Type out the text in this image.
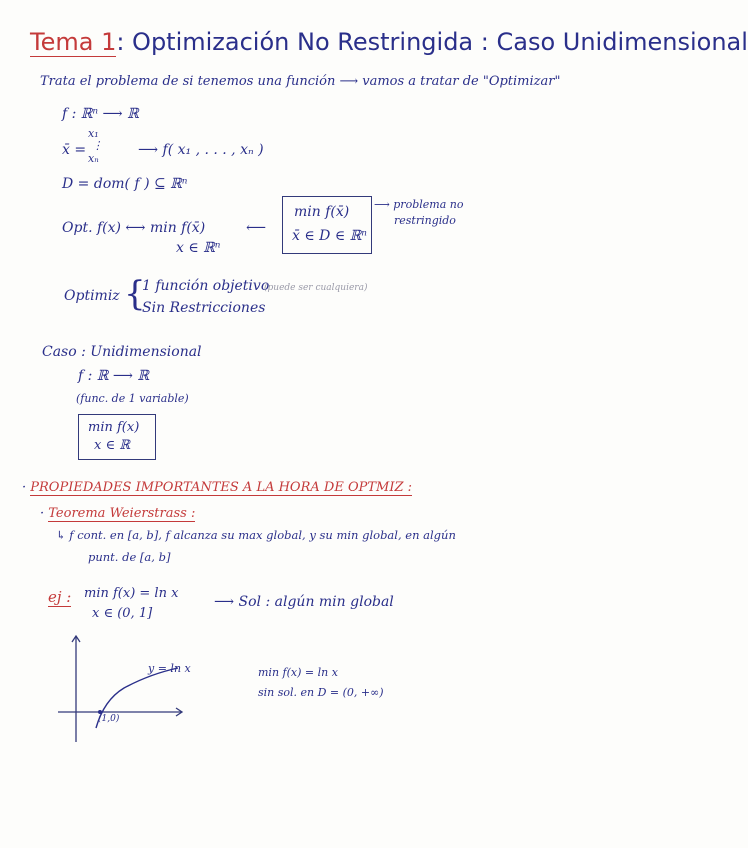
Tema 1: Optimización No Restringida : Caso Unidimensional
Trata el problema de si tenemos una función ⟶ vamos a tratar de "Optimizar"
f : ℝⁿ ⟶ ℝ
x̄ =
x₁
⋮
xₙ
⟶ f( x₁ , . . . , xₙ )
D = dom( f ) ⊆ ℝⁿ
Opt. f(x) ⟷ min f(x̄)
x ∈ ℝⁿ
⟵
min f(x̄)
x̄ ∈ D ∈ ℝⁿ
⟶ problema no
restringido
Optimiz {
1 función objetivo
(puede ser cualquiera)
Sin Restricciones
Caso : Unidimensional
f : ℝ ⟶ ℝ
(func. de 1 variable)
min f(x)
x ∈ ℝ
· PROPIEDADES IMPORTANTES A LA HORA DE OPTMIZ :
· Teorema Weierstrass :
↳ f cont. en [a, b], f alcanza su max global, y su min global, en algún
punt. de [a, b]
ej : min f(x) = ln x
x ∈ (0, 1]
⟶ Sol : algún min global
y = ln x
(1,0)
min f(x) = ln x
sin sol. en D = (0, +∞)
